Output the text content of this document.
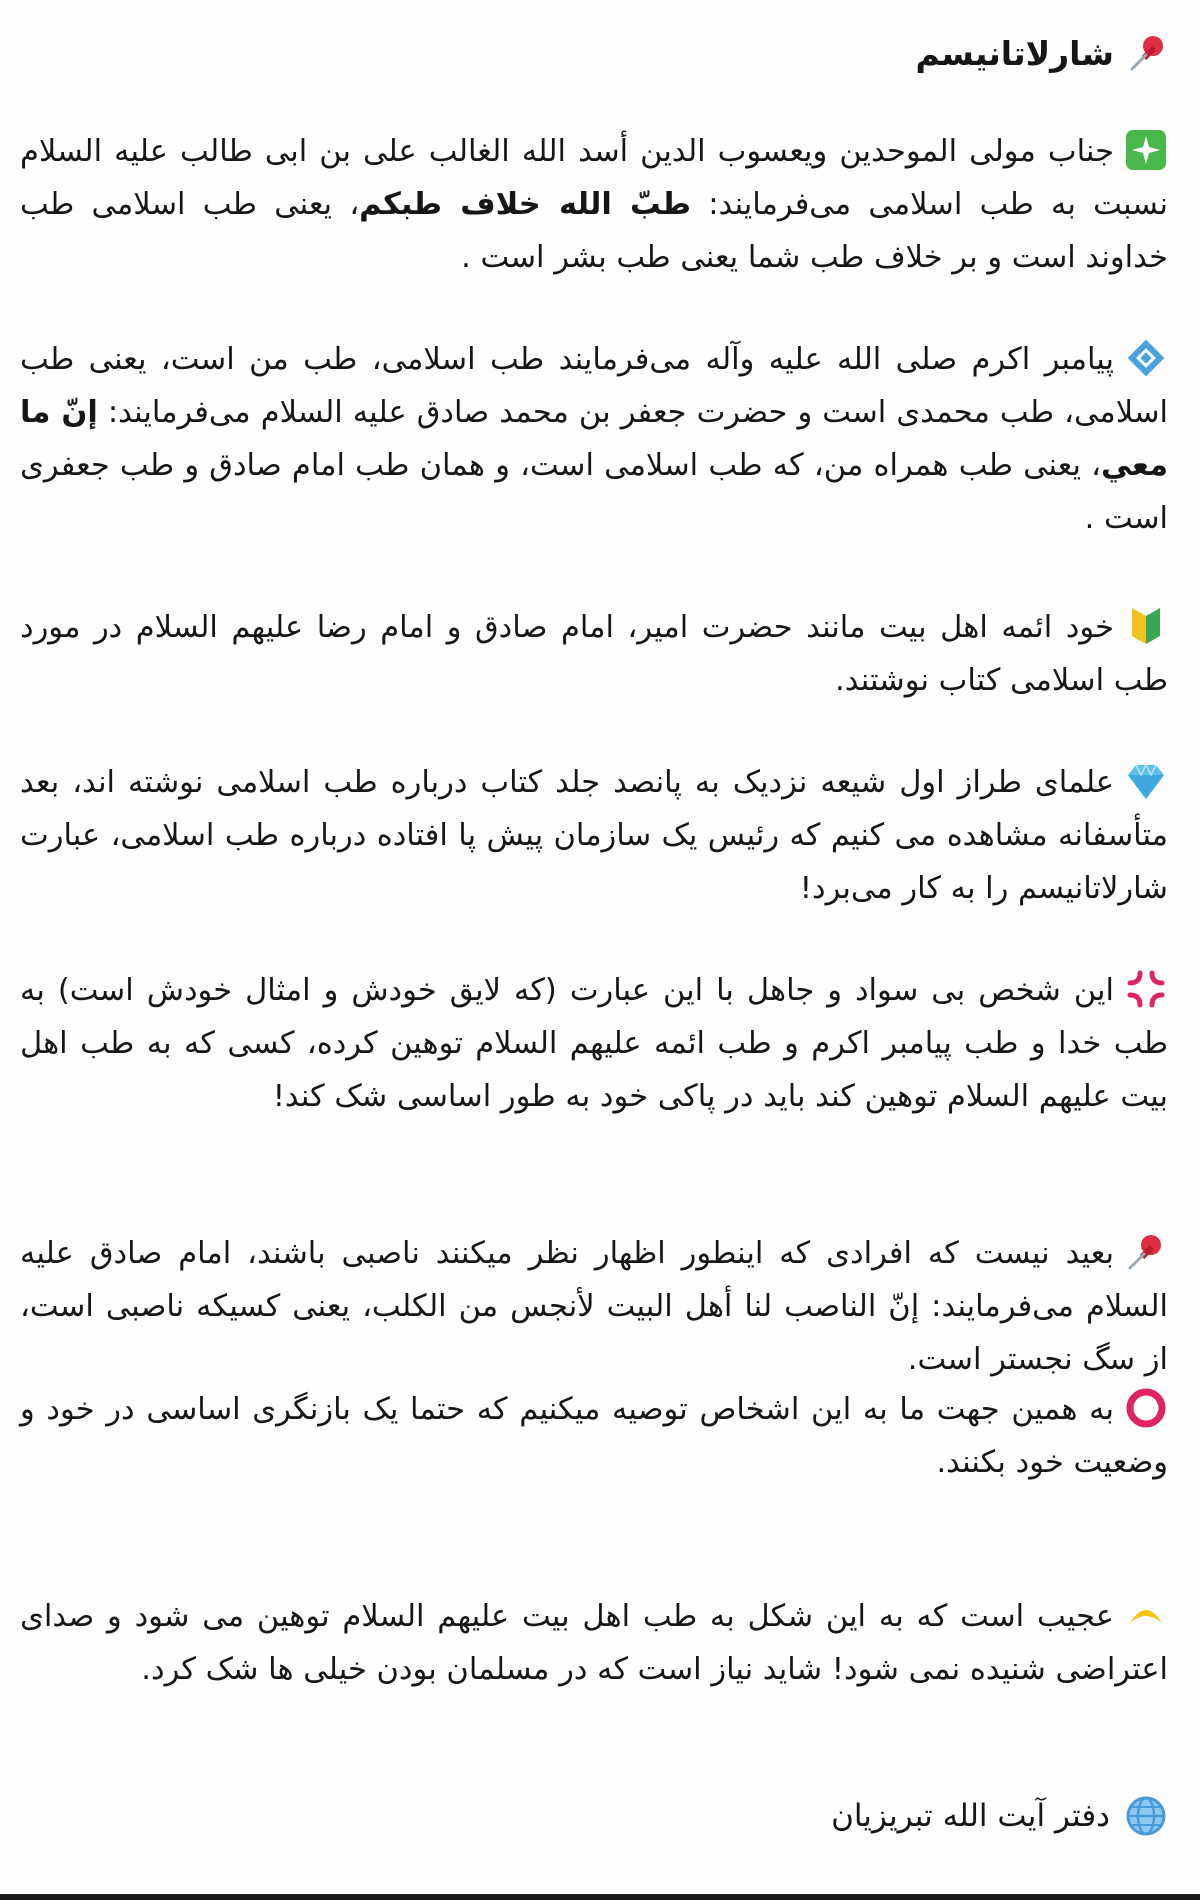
شارلاتانیسم

جناب مولی الموحدین ویعسوب الدین أسد الله الغالب علی بن ابی طالب علیه السلام نسبت به طب اسلامی می‌فرمایند: طبّ الله خلاف طبکم، یعنی طب اسلامی طب خداوند است و بر خلاف طب شما یعنی طب بشر است .

پیامبر اکرم صلی الله علیه وآله می‌فرمایند طب اسلامی، طب من است، یعنی طب اسلامی، طب محمدی است و حضرت جعفر بن محمد صادق علیه السلام می‌فرمایند: إنّ ما معي، یعنی طب همراه من، که طب اسلامی است، و همان طب امام صادق و طب جعفری است .

خود ائمه اهل بیت مانند حضرت امیر، امام صادق و امام رضا علیهم السلام در مورد طب اسلامی کتاب نوشتند.

علمای طراز اول شیعه نزدیک به پانصد جلد کتاب درباره طب اسلامی نوشته اند، بعد متأسفانه مشاهده می کنیم که رئیس یک سازمان پیش پا افتاده درباره طب اسلامی، عبارت شارلاتانیسم را به کار می‌برد!

این شخص بی سواد و جاهل با این عبارت (که لایق خودش و امثال خودش است) به طب خدا و طب پیامبر اکرم و طب ائمه علیهم السلام توهین کرده، کسی که به طب اهل بیت علیهم السلام توهین کند باید در پاکی خود به طور اساسی شک کند!

بعید نیست که افرادی که اینطور اظهار نظر میکنند ناصبی باشند، امام صادق علیه السلام می‌فرمایند: إنّ الناصب لنا أهل البیت لأنجس من الکلب، یعنی کسیکه ناصبی است، از سگ نجستر است.

به همین جهت ما به این اشخاص توصیه میکنیم که حتما یک بازنگری اساسی در خود و وضعیت خود بکنند.

عجیب است که به این شکل به طب اهل بیت علیهم السلام توهین می شود و صدای اعتراضی شنیده نمی شود! شاید نیاز است که در مسلمان بودن خیلی ها شک کرد.

دفتر آیت الله تبریزیان
